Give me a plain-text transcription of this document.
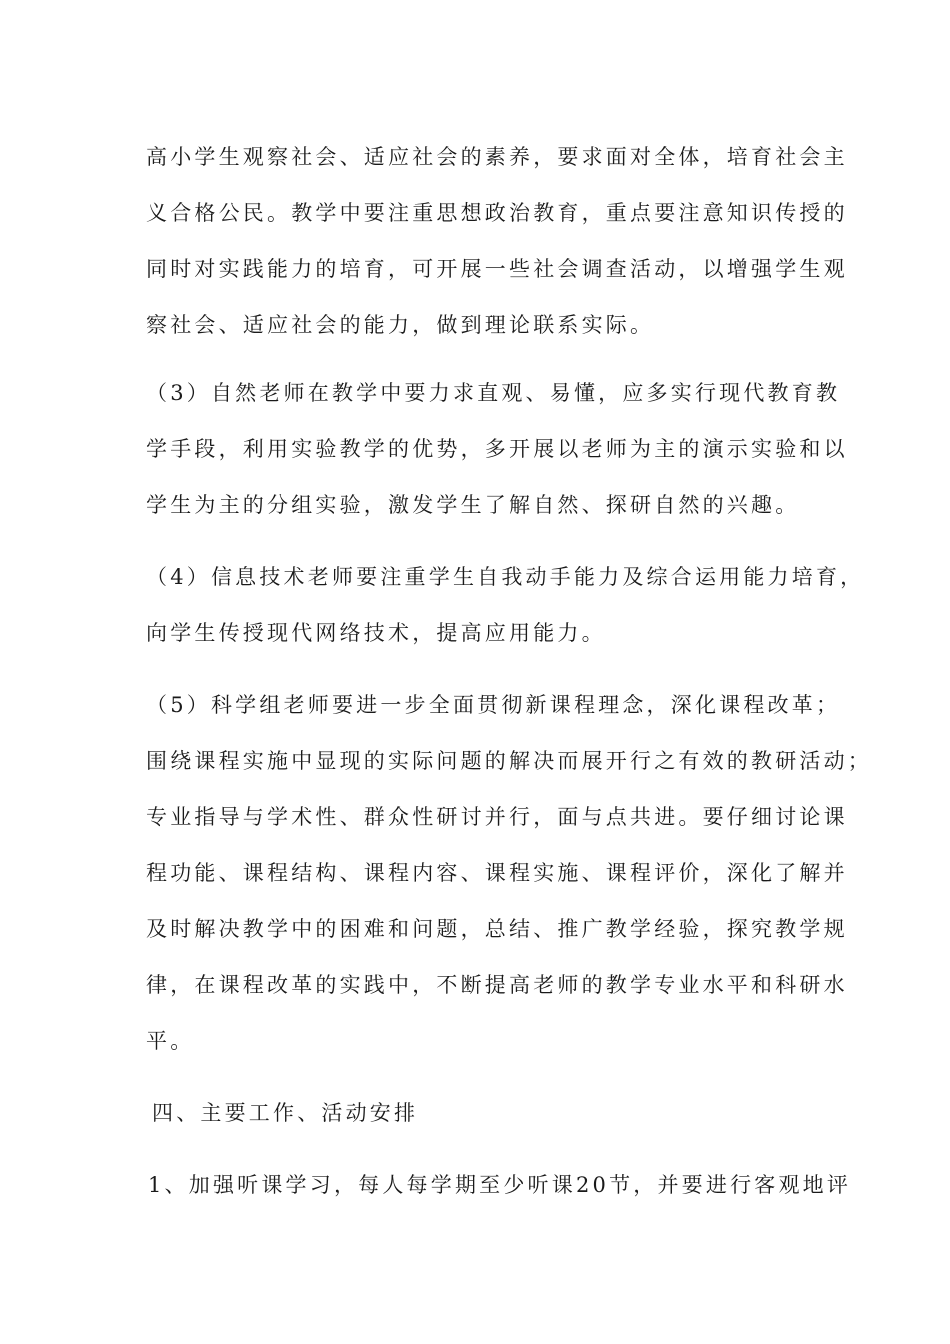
高小学生观察社会、适应社会的素养，要求面对全体，培育社会主
义合格公民。教学中要注重思想政治教育，重点要注意知识传授的
同时对实践能力的培育，可开展一些社会调查活动，以增强学生观
察社会、适应社会的能力，做到理论联系实际。
（3）自然老师在教学中要力求直观、易懂，应多实行现代教育教
学手段，利用实验教学的优势，多开展以老师为主的演示实验和以
学生为主的分组实验，激发学生了解自然、探研自然的兴趣。
（4）信息技术老师要注重学生自我动手能力及综合运用能力培育，
向学生传授现代网络技术，提高应用能力。
（5）科学组老师要进一步全面贯彻新课程理念，深化课程改革；
围绕课程实施中显现的实际问题的解决而展开行之有效的教研活动；
专业指导与学术性、群众性研讨并行，面与点共进。要仔细讨论课
程功能、课程结构、课程内容、课程实施、课程评价，深化了解并
及时解决教学中的困难和问题，总结、推广教学经验，探究教学规
律，在课程改革的实践中，不断提高老师的教学专业水平和科研水
平。
四、主要工作、活动安排
1、加强听课学习，每人每学期至少听课20节，并要进行客观地评
